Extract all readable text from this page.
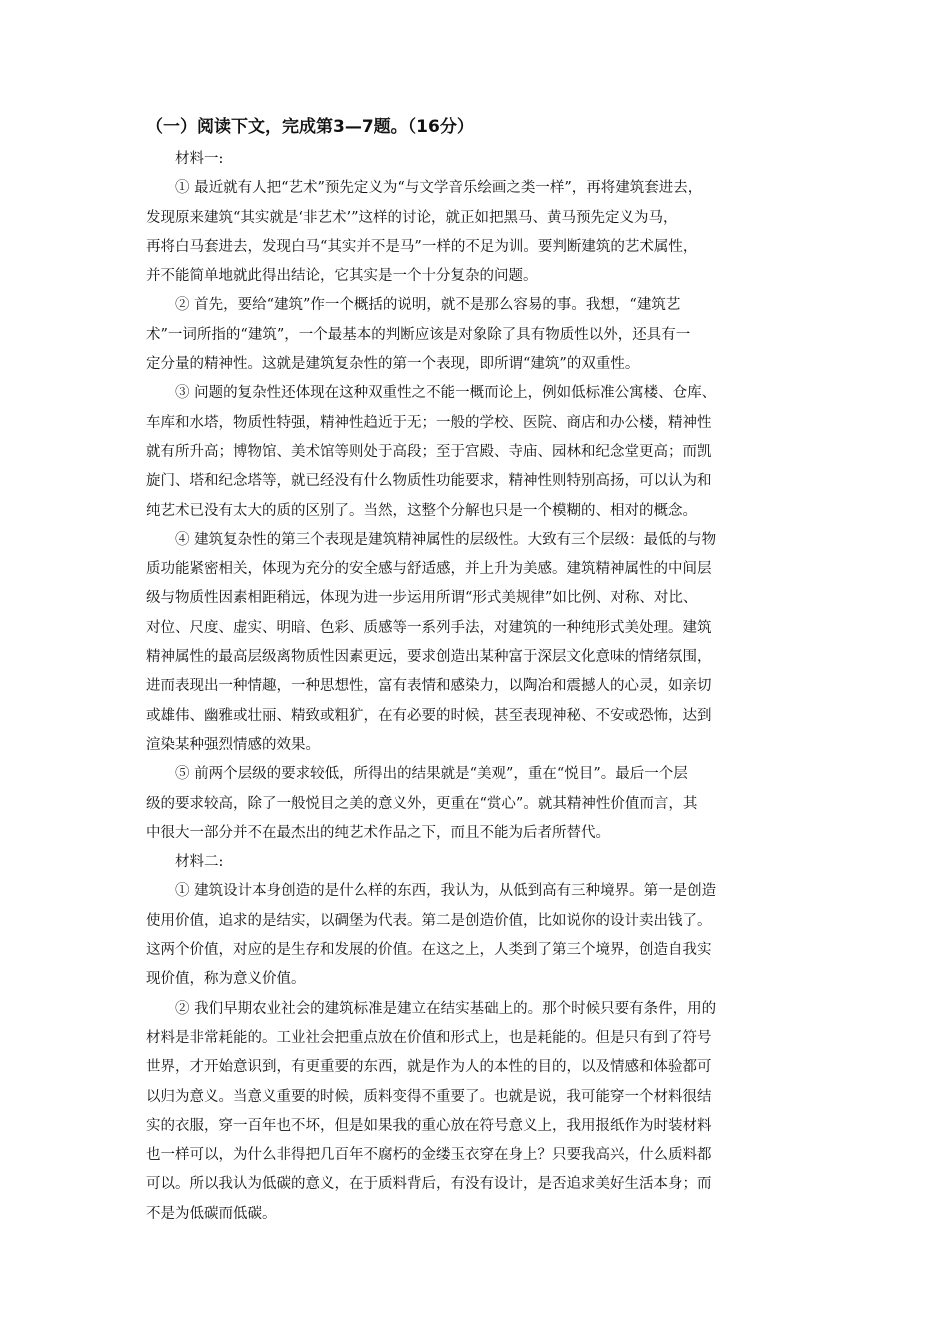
（一）阅读下文，完成第3—7题。（16分）

材料一:

① 最近就有人把“艺术”预先定义为“与文学音乐绘画之类一样”，再将建筑套进去，
发现原来建筑“其实就是‘非艺术’”这样的讨论，就正如把黑马、黄马预先定义为马，
再将白马套进去，发现白马“其实并不是马”一样的不足为训。要判断建筑的艺术属性，
并不能简单地就此得出结论，它其实是一个十分复杂的问题。

② 首先，要给“建筑”作一个概括的说明，就不是那么容易的事。我想，“建筑艺
术”一词所指的“建筑”，一个最基本的判断应该是对象除了具有物质性以外，还具有一
定分量的精神性。这就是建筑复杂性的第一个表现，即所谓“建筑”的双重性。

③ 问题的复杂性还体现在这种双重性之不能一概而论上，例如低标准公寓楼、仓库、
车库和水塔，物质性特强，精神性趋近于无；一般的学校、医院、商店和办公楼，精神性
就有所升高；博物馆、美术馆等则处于高段；至于宫殿、寺庙、园林和纪念堂更高；而凯
旋门、塔和纪念塔等，就已经没有什么物质性功能要求，精神性则特别高扬，可以认为和
纯艺术已没有太大的质的区别了。当然，这整个分解也只是一个模糊的、相对的概念。

④ 建筑复杂性的第三个表现是建筑精神属性的层级性。大致有三个层级：最低的与物
质功能紧密相关，体现为充分的安全感与舒适感，并上升为美感。建筑精神属性的中间层
级与物质性因素相距稍远，体现为进一步运用所谓“形式美规律”如比例、对称、对比、
对位、尺度、虚实、明暗、色彩、质感等一系列手法，对建筑的一种纯形式美处理。建筑
精神属性的最高层级离物质性因素更远，要求创造出某种富于深层文化意味的情绪氛围，
进而表现出一种情趣，一种思想性，富有表情和感染力，以陶冶和震撼人的心灵，如亲切
或雄伟、幽雅或壮丽、精致或粗犷，在有必要的时候，甚至表现神秘、不安或恐怖，达到
渲染某种强烈情感的效果。

⑤ 前两个层级的要求较低，所得出的结果就是“美观”，重在“悦目”。最后一个层
级的要求较高，除了一般悦目之美的意义外，更重在“赏心”。就其精神性价值而言，其
中很大一部分并不在最杰出的纯艺术作品之下，而且不能为后者所替代。

材料二:

① 建筑设计本身创造的是什么样的东西，我认为，从低到高有三种境界。第一是创造
使用价值，追求的是结实，以碉堡为代表。第二是创造价值，比如说你的设计卖出钱了。
这两个价值，对应的是生存和发展的价值。在这之上，人类到了第三个境界，创造自我实
现价值，称为意义价值。

② 我们早期农业社会的建筑标准是建立在结实基础上的。那个时候只要有条件，用的
材料是非常耗能的。工业社会把重点放在价值和形式上，也是耗能的。但是只有到了符号
世界，才开始意识到，有更重要的东西，就是作为人的本性的目的，以及情感和体验都可
以归为意义。当意义重要的时候，质料变得不重要了。也就是说，我可能穿一个材料很结
实的衣服，穿一百年也不坏，但是如果我的重心放在符号意义上，我用报纸作为时装材料
也一样可以，为什么非得把几百年不腐朽的金缕玉衣穿在身上？只要我高兴，什么质料都
可以。所以我认为低碳的意义，在于质料背后，有没有设计，是否追求美好生活本身；而
不是为低碳而低碳。
